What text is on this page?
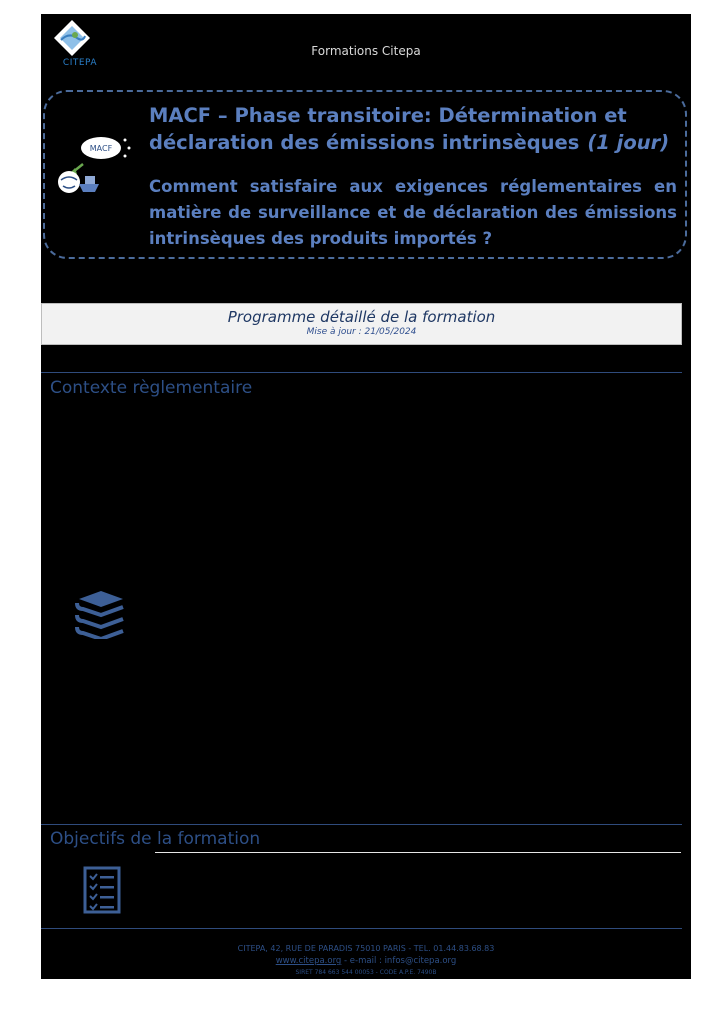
CITEPA
Formations Citepa
MACF
MACF – Phase transitoire: Détermination et déclaration des émissions intrinsèques (1 jour)

Comment satisfaire aux exigences réglementaires en matière de surveillance et de déclaration des émissions intrinsèques des produits importés ?

Programme détaillé de la formation
Mise à jour : 21/05/2024
Contexte règlementaire
Objectifs de la formation
CITEPA, 42, RUE DE PARADIS 75010 PARIS - TEL. 01.44.83.68.83
www.citepa.org - e-mail : infos@citepa.org
SIRET 784 663 544 00053 - CODE A.P.E. 7490B
